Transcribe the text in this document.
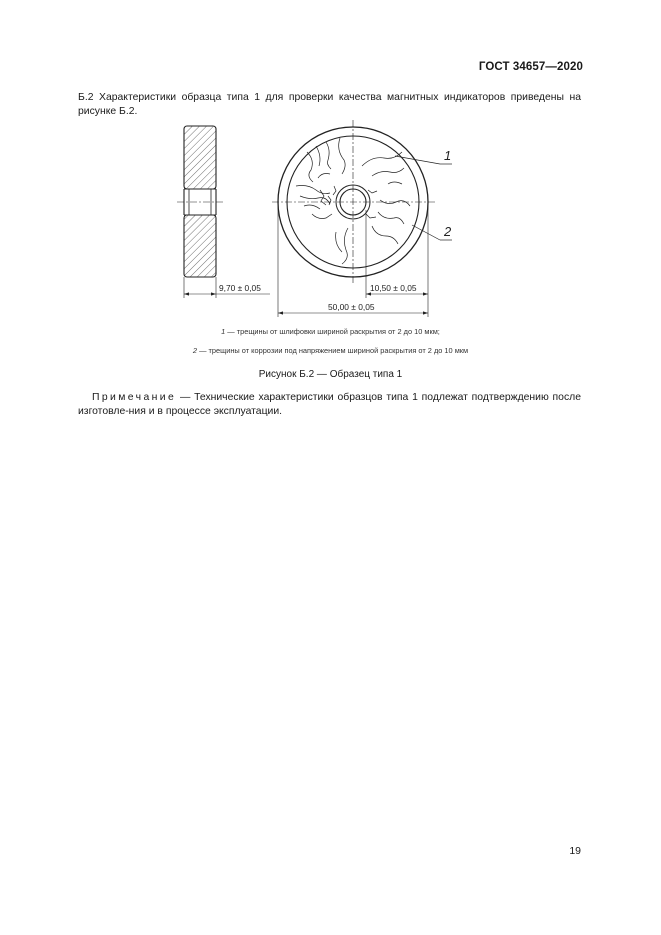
ГОСТ 34657—2020
Б.2 Характеристики образца типа 1 для проверки качества магнитных индикаторов приведены на
рисунке Б.2.
9,70 ± 0,05
1
2
10,50 ± 0,05
50,00 ± 0,05
1 — трещины от шлифовки шириной раскрытия от 2 до 10 мкм;
2 — трещины от коррозии под напряжением шириной раскрытия от 2 до 10 мкм
Рисунок Б.2 — Образец типа 1
Примечание — Технические характеристики образцов типа 1 подлежат подтверждению после изготовле-ния и в процессе эксплуатации.
19
